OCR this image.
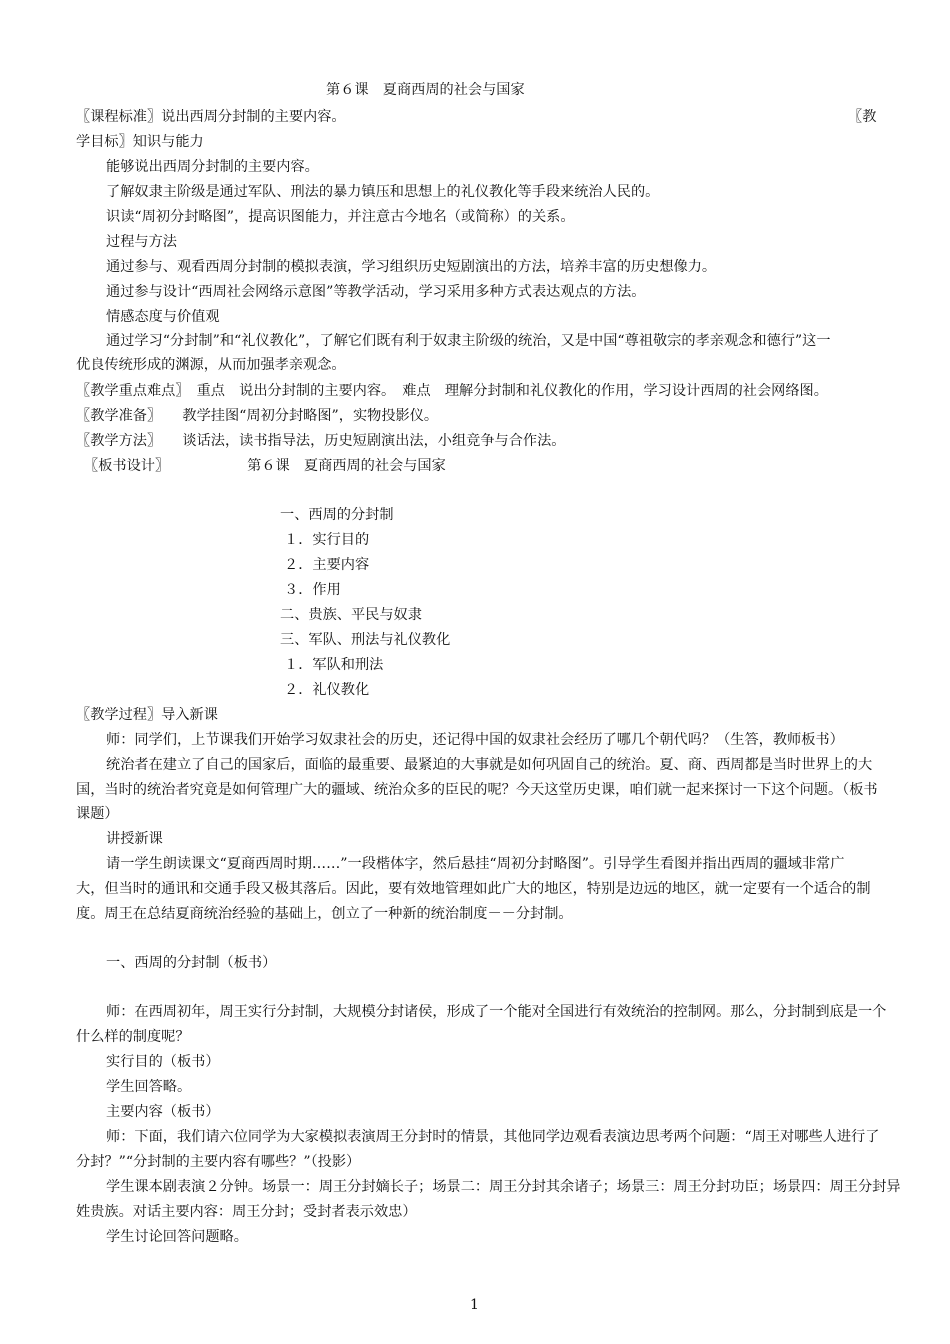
第６课　夏商西周的社会与国家
〖课程标准〗说出西周分封制的主要内容。	〖教
学目标〗知识与能力
能够说出西周分封制的主要内容。
了解奴隶主阶级是通过军队、刑法的暴力镇压和思想上的礼仪教化等手段来统治人民的。
识读“周初分封略图”，提高识图能力，并注意古今地名（或简称）的关系。
过程与方法
通过参与、观看西周分封制的模拟表演，学习组织历史短剧演出的方法，培养丰富的历史想像力。
通过参与设计“西周社会网络示意图”等教学活动，学习采用多种方式表达观点的方法。
情感态度与价值观
通过学习“分封制”和“礼仪教化”，了解它们既有利于奴隶主阶级的统治，又是中国“尊祖敬宗的孝亲观念和德行”这一
优良传统形成的渊源，从而加强孝亲观念。
〖教学重点难点〗　重点　说出分封制的主要内容。　难点　理解分封制和礼仪教化的作用，学习设计西周的社会网络图。
〖教学准备〗　　教学挂图“周初分封略图”，实物投影仪。
〖教学方法〗　　谈话法，读书指导法，历史短剧演出法，小组竞争与合作法。
〖板书设计〗　　　　　　第６课　夏商西周的社会与国家
一、西周的分封制
１．实行目的
２．主要内容
３．作用
二、贵族、平民与奴隶
三、军队、刑法与礼仪教化
１．军队和刑法
２．礼仪教化
〖教学过程〗导入新课
师：同学们，上节课我们开始学习奴隶社会的历史，还记得中国的奴隶社会经历了哪几个朝代吗？（生答，教师板书）
统治者在建立了自己的国家后，面临的最重要、最紧迫的大事就是如何巩固自己的统治。夏、商、西周都是当时世界上的大
国，当时的统治者究竟是如何管理广大的疆域、统治众多的臣民的呢？今天这堂历史课，咱们就一起来探讨一下这个问题。（板书
课题）
讲授新课
请一学生朗读课文“夏商西周时期……”一段楷体字，然后悬挂“周初分封略图”。引导学生看图并指出西周的疆域非常广
大，但当时的通讯和交通手段又极其落后。因此，要有效地管理如此广大的地区，特别是边远的地区，就一定要有一个适合的制
度。周王在总结夏商统治经验的基础上，创立了一种新的统治制度－－分封制。
一、西周的分封制（板书）
师：在西周初年，周王实行分封制，大规模分封诸侯，形成了一个能对全国进行有效统治的控制网。那么，分封制到底是一个
什么样的制度呢？
实行目的（板书）
学生回答略。
主要内容（板书）
师：下面，我们请六位同学为大家模拟表演周王分封时的情景，其他同学边观看表演边思考两个问题：“周王对哪些人进行了
分封？”“分封制的主要内容有哪些？”（投影）
学生课本剧表演２分钟。场景一：周王分封嫡长子；场景二：周王分封其余诸子；场景三：周王分封功臣；场景四：周王分封异
姓贵族。对话主要内容：周王分封；受封者表示效忠）
学生讨论回答问题略。
1
